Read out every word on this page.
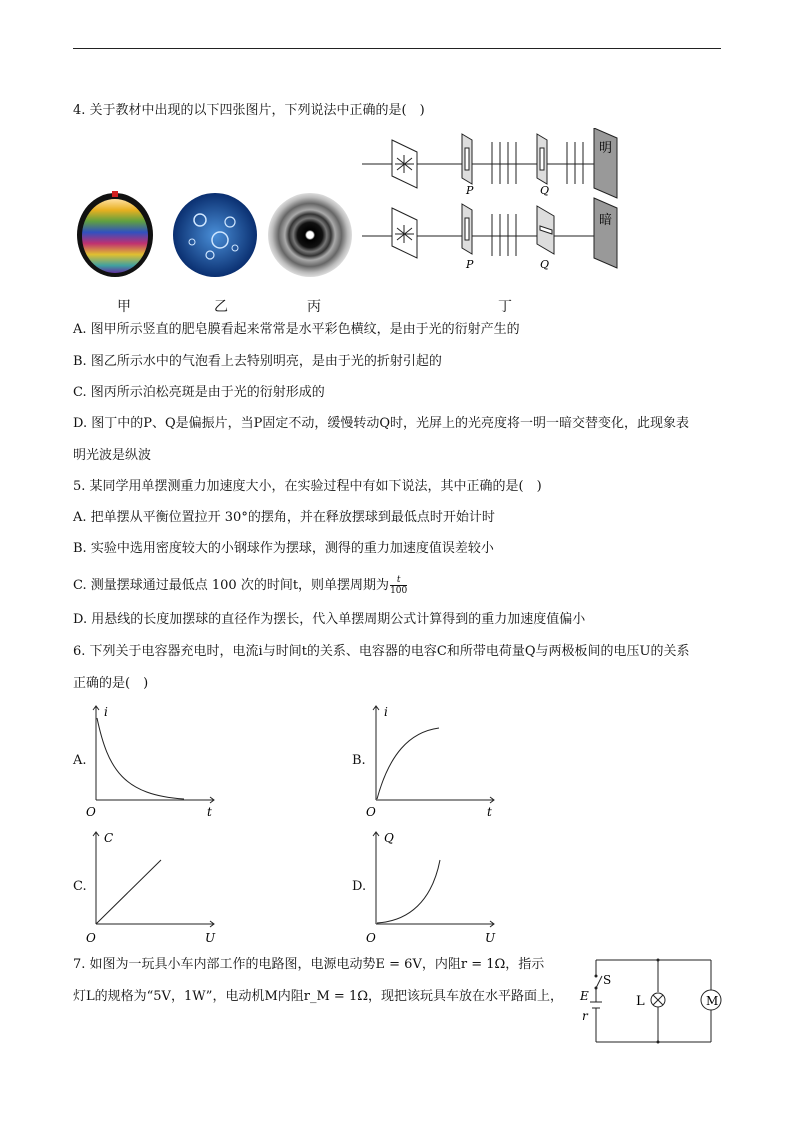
4. 关于教材中出现的以下四张图片，下列说法中正确的是(　)
甲	乙	丙	丁
P	Q
明
P	Q
暗
A. 图甲所示竖直的肥皂膜看起来常常是水平彩色横纹，是由于光的衍射产生的
B. 图乙所示水中的气泡看上去特别明亮，是由于光的折射引起的
C. 图丙所示泊松亮斑是由于光的衍射形成的
D. 图丁中的P、Q是偏振片，当P固定不动，缓慢转动Q时，光屏上的光亮度将一明一暗交替变化，此现象表
明光波是纵波
5. 某同学用单摆测重力加速度大小，在实验过程中有如下说法，其中正确的是(　)
A. 把单摆从平衡位置拉开 30°的摆角，并在释放摆球到最低点时开始计时
B. 实验中选用密度较大的小钢球作为摆球，测得的重力加速度值误差较小
C. 测量摆球通过最低点 100 次的时间t，则单摆周期为 $\frac{t}{100}$
D. 用悬线的长度加摆球的直径作为摆长，代入单摆周期公式计算得到的重力加速度值偏小
6. 下列关于电容器充电时，电流i与时间t的关系、电容器的电容C和所带电荷量Q与两极板间的电压U的关系
正确的是(　)
A.
i
t
O
B.
i
t
O
C.
C
U
O
D.
Q
U
O
7. 如图为一玩具小车内部工作的电路图，电源电动势E = 6V，内阻r = 1Ω，指示
灯L的规格为“5V，1W”，电动机M内阻r_M = 1Ω，现把该玩具车放在水平路面上，
S
E
r
L	M
